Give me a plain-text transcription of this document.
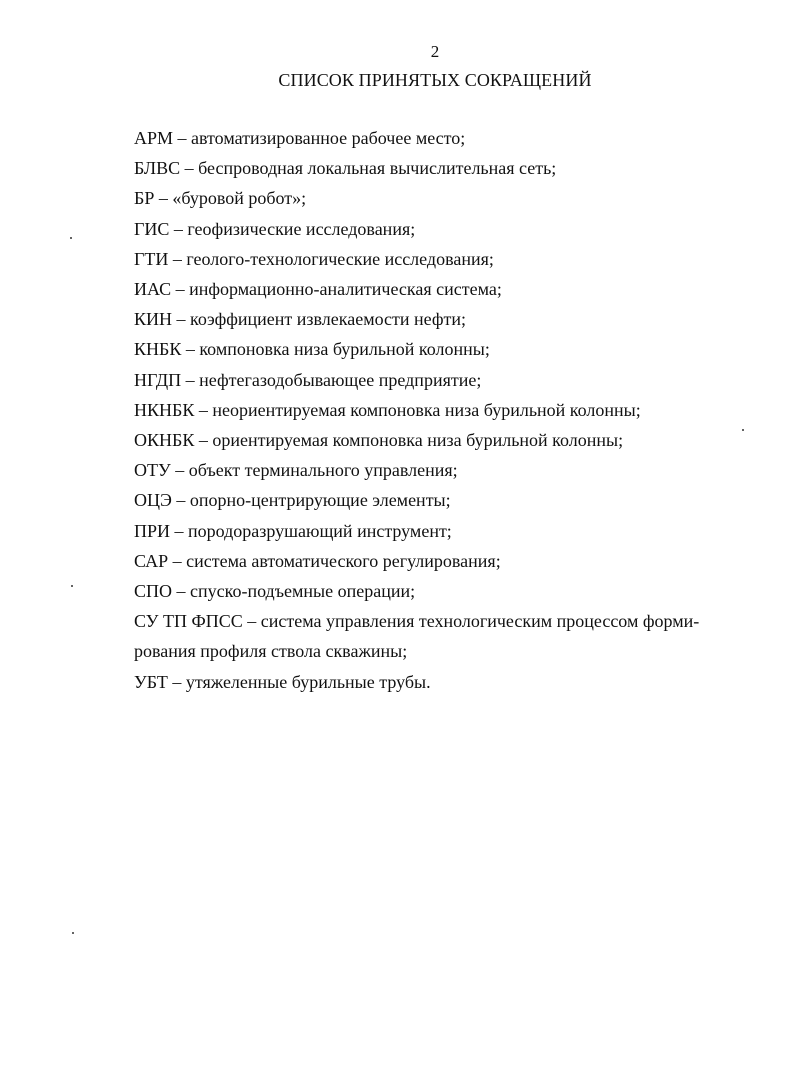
2
СПИСОК ПРИНЯТЫХ СОКРАЩЕНИЙ
АРМ – автоматизированное рабочее место;
БЛВС – беспроводная локальная вычислительная сеть;
БР – «буровой робот»;
ГИС – геофизические исследования;
ГТИ – геолого-технологические исследования;
ИАС – информационно-аналитическая система;
КИН – коэффициент извлекаемости нефти;
КНБК – компоновка низа бурильной колонны;
НГДП – нефтегазодобывающее предприятие;
НКНБК – неориентируемая компоновка низа бурильной колонны;
ОКНБК – ориентируемая компоновка низа бурильной колонны;
ОТУ – объект терминального управления;
ОЦЭ – опорно-центрирующие элементы;
ПРИ – породоразрушающий инструмент;
САР – система автоматического регулирования;
СПО – спуско-подъемные операции;
СУ ТП ФПСС – система управления технологическим процессом форми-
рования профиля ствола скважины;
УБТ – утяжеленные бурильные трубы.
